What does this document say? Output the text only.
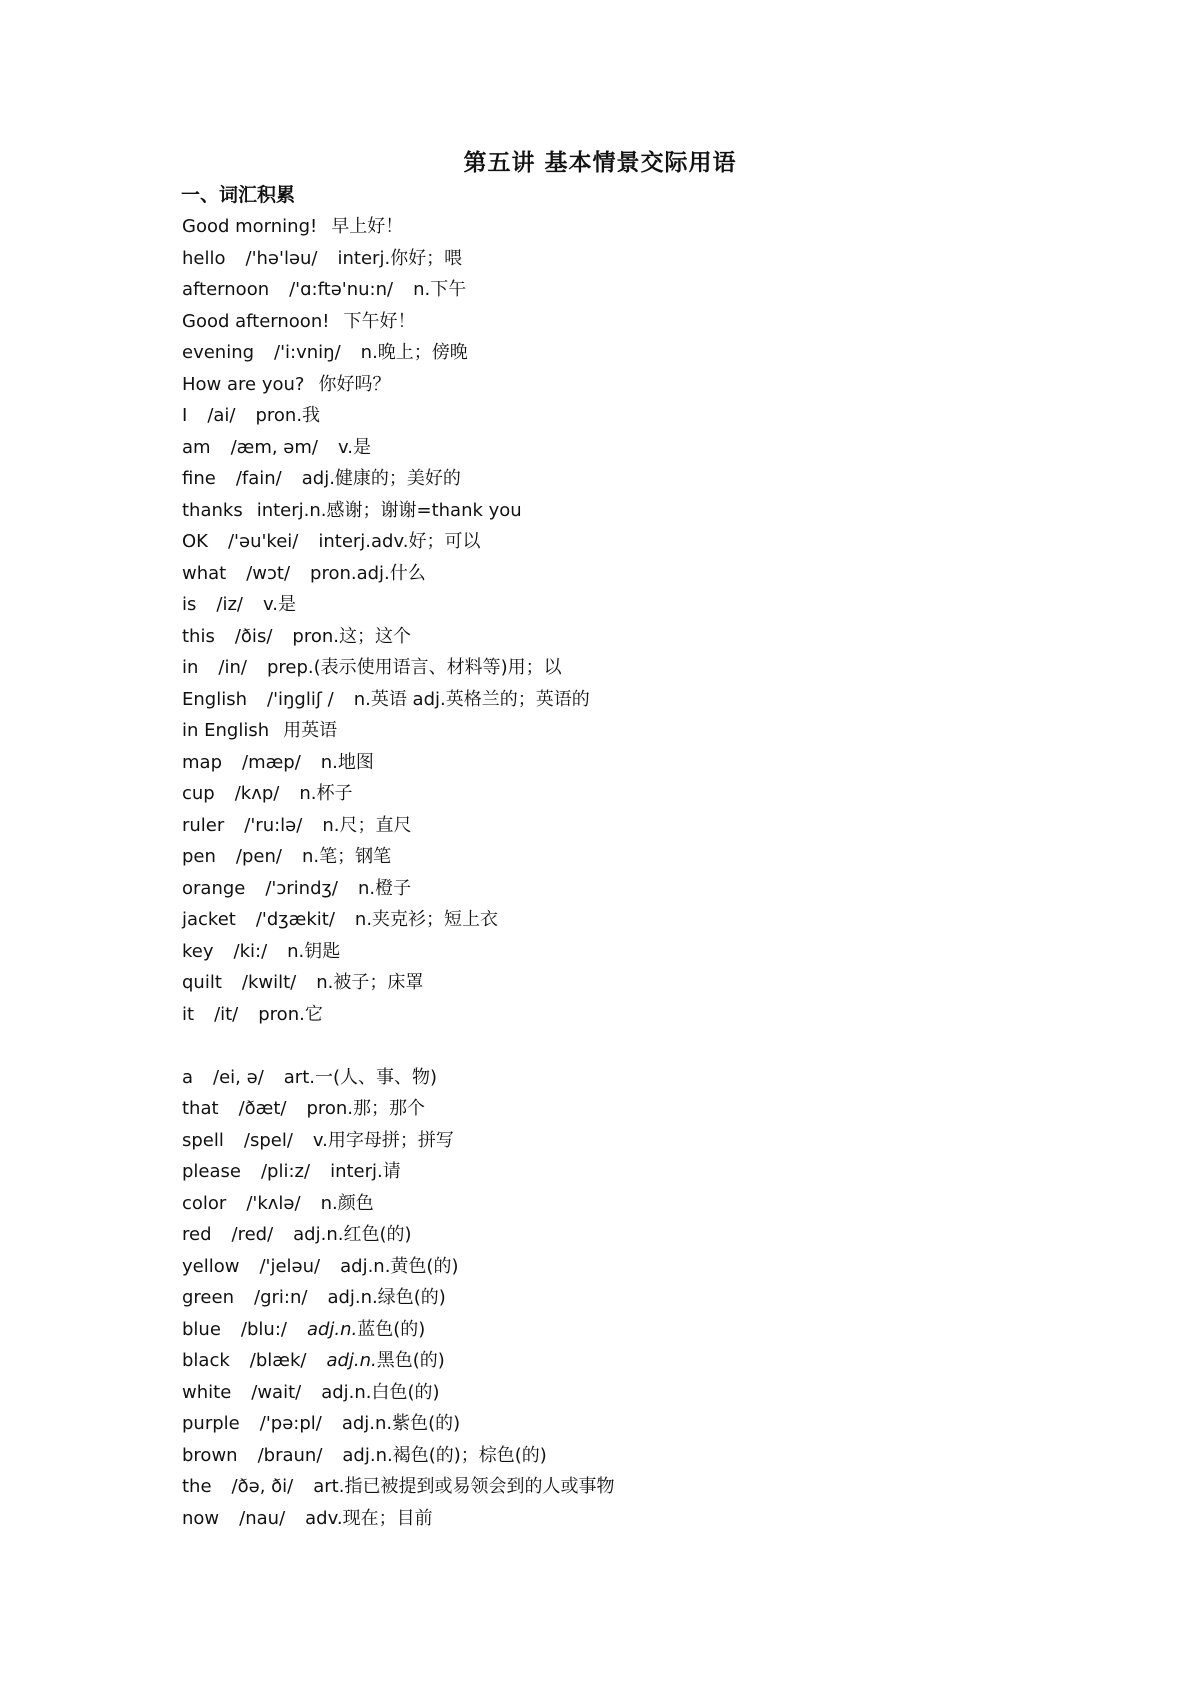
第五讲 基本情景交际用语
一、词汇积累
Good morning! 早上好！
hello /'hə'ləu/ interj.你好；喂
afternoon /'ɑ:ftə'nu:n/ n.下午
Good afternoon! 下午好！
evening /'i:vniŋ/ n.晚上；傍晚
How are you? 你好吗？
I /ai/ pron.我
am /æm, əm/ v.是
fine /fain/ adj.健康的；美好的
thanks interj.n.感谢；谢谢=thank you
OK /'əu'kei/ interj.adv.好；可以
what /wɔt/ pron.adj.什么
is /iz/ v.是
this /ðis/ pron.这；这个
in /in/ prep.(表示使用语言、材料等)用；以
English /'iŋgliʃ / n.英语 adj.英格兰的；英语的
in English 用英语
map /mæp/ n.地图
cup /kʌp/ n.杯子
ruler /'ru:lə/ n.尺；直尺
pen /pen/ n.笔；钢笔
orange /'ɔrindʒ/ n.橙子
jacket /'dʒækit/ n.夹克衫；短上衣
key /ki:/ n.钥匙
quilt /kwilt/ n.被子；床罩
it /it/ pron.它
a /ei, ə/ art.一(人、事、物)
that /ðæt/ pron.那；那个
spell /spel/ v.用字母拼；拼写
please /pli:z/ interj.请
color /'kʌlə/ n.颜色
red /red/ adj.n.红色(的)
yellow /'jeləu/ adj.n.黄色(的)
green /gri:n/ adj.n.绿色(的)
blue /blu:/ adj.n.蓝色(的)
black /blæk/ adj.n.黑色(的)
white /wait/ adj.n.白色(的)
purple /'pə:pl/ adj.n.紫色(的)
brown /braun/ adj.n.褐色(的)；棕色(的)
the /ðə, ði/ art.指已被提到或易领会到的人或事物
now /nau/ adv.现在；目前
